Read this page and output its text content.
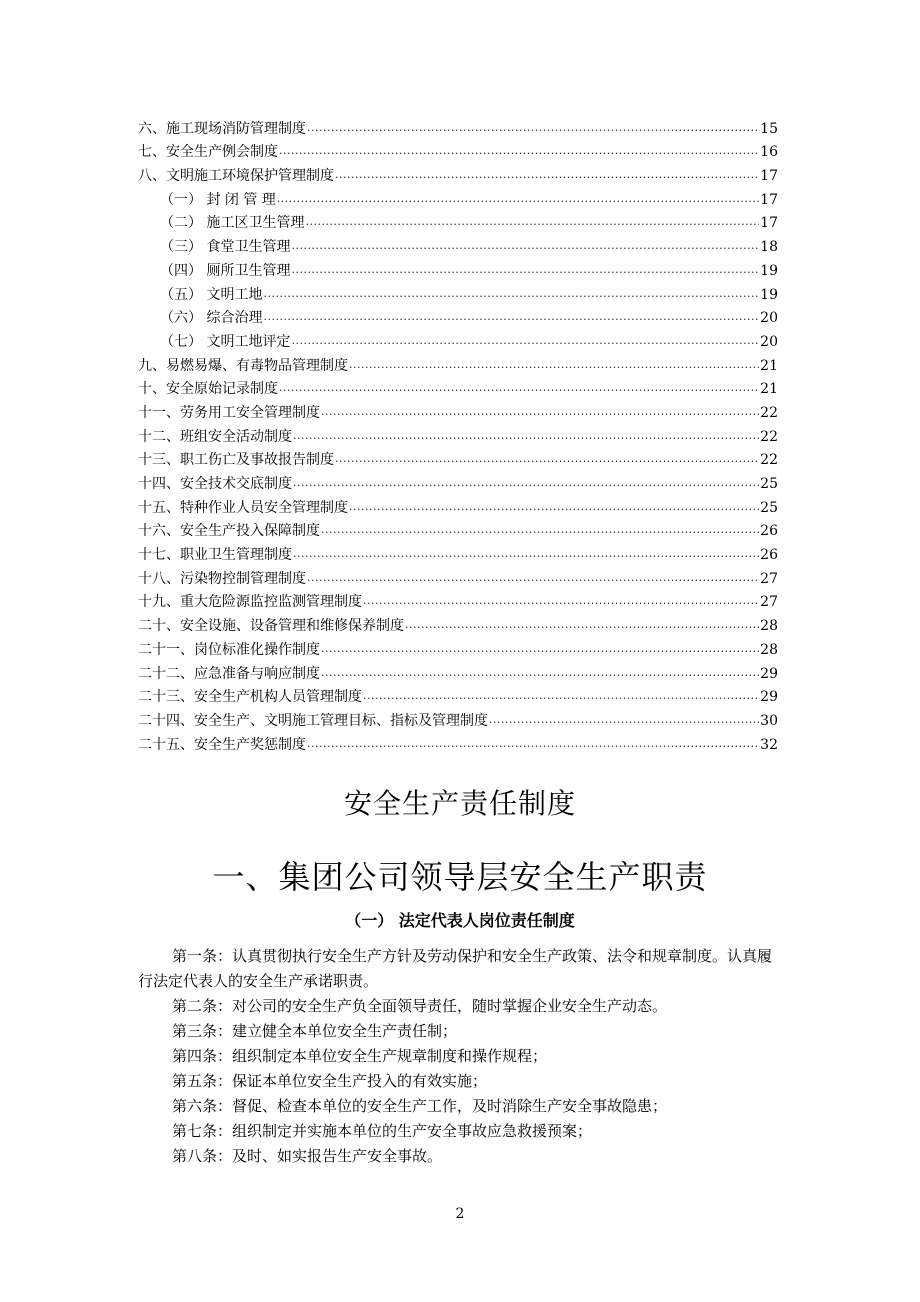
六、施工现场消防管理制度 .....	15
七、安全生产例会制度 .....	16
八、文明施工环境保护管理制度 .....	17
（一） 封 闭 管 理 .....	17
（二） 施工区卫生管理 .....	17
（三） 食堂卫生管理 .....	18
（四） 厕所卫生管理 .....	19
（五） 文明工地 .....	19
（六） 综合治理 .....	20
（七） 文明工地评定 .....	20
九、易燃易爆、有毒物品管理制度 .....	21
十、安全原始记录制度 .....	21
十一、劳务用工安全管理制度 .....	22
十二、班组安全活动制度 .....	22
十三、职工伤亡及事故报告制度 .....	22
十四、安全技术交底制度 .....	25
十五、特种作业人员安全管理制度 .....	25
十六、安全生产投入保障制度 .....	26
十七、职业卫生管理制度 .....	26
十八、污染物控制管理制度 .....	27
十九、重大危险源监控监测管理制度 .....	27
二十、安全设施、设备管理和维修保养制度 .....	28
二十一、岗位标准化操作制度 .....	28
二十二、应急准备与响应制度 .....	29
二十三、安全生产机构人员管理制度 .....	29
二十四、安全生产、文明施工管理目标、指标及管理制度 .....	30
二十五、安全生产奖惩制度 .....	32
安全生产责任制度
一、集团公司领导层安全生产职责
（一） 法定代表人岗位责任制度

第一条：认真贯彻执行安全生产方针及劳动保护和安全生产政策、法令和规章制度。认真履行法定代表人的安全生产承诺职责。

第二条：对公司的安全生产负全面领导责任，随时掌握企业安全生产动态。

第三条：建立健全本单位安全生产责任制；

第四条：组织制定本单位安全生产规章制度和操作规程；

第五条：保证本单位安全生产投入的有效实施；

第六条：督促、检查本单位的安全生产工作，及时消除生产安全事故隐患；

第七条：组织制定并实施本单位的生产安全事故应急救援预案；

第八条：及时、如实报告生产安全事故。

2
